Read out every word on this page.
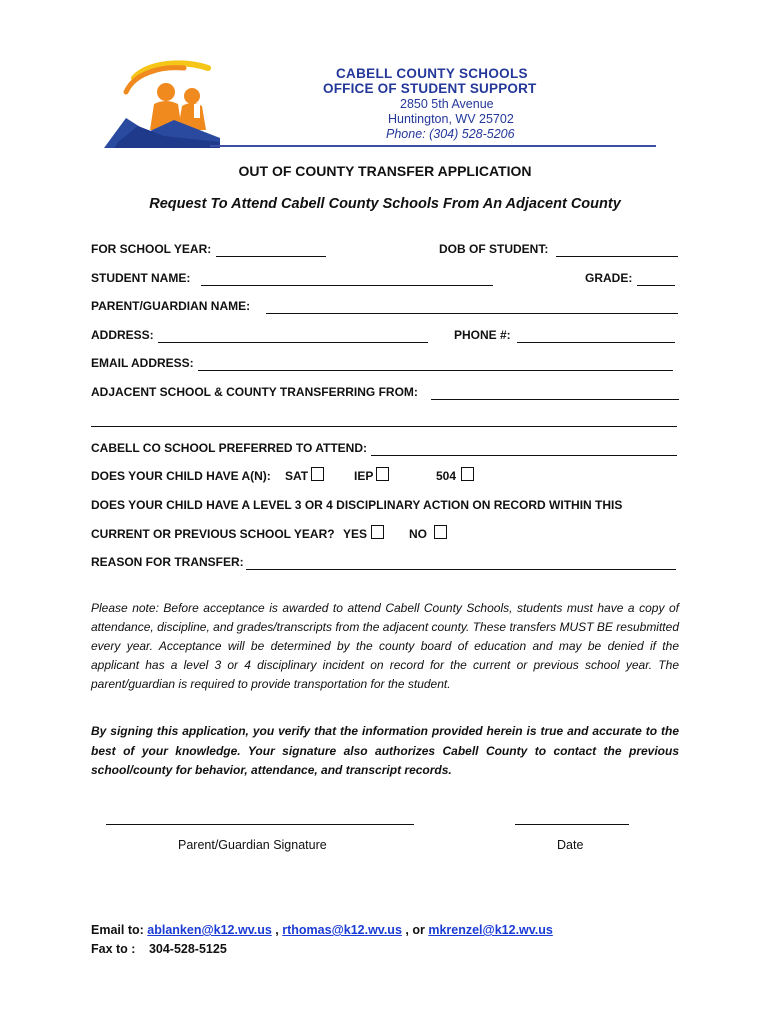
CABELL COUNTY SCHOOLS
OFFICE OF STUDENT SUPPORT
2850 5th Avenue
Huntington, WV 25702
Phone: (304) 528-5206
OUT OF COUNTY TRANSFER APPLICATION
Request To Attend Cabell County Schools From An Adjacent County
FOR SCHOOL YEAR:	DOB OF STUDENT:
STUDENT NAME:	GRADE:
PARENT/GUARDIAN NAME:
ADDRESS:	PHONE #:
EMAIL ADDRESS:
ADJACENT SCHOOL & COUNTY TRANSFERRING FROM:
CABELL CO SCHOOL PREFERRED TO ATTEND:
DOES YOUR CHILD HAVE A(N): SAT	IEP	504
DOES YOUR CHILD HAVE A LEVEL 3 OR 4 DISCIPLINARY ACTION ON RECORD WITHIN THIS
CURRENT OR PREVIOUS SCHOOL YEAR? YES	NO
REASON FOR TRANSFER:
Please note: Before acceptance is awarded to attend Cabell County Schools, students must have a copy of attendance, discipline, and grades/transcripts from the adjacent county. These transfers MUST BE resubmitted every year. Acceptance will be determined by the county board of education and may be denied if the applicant has a level 3 or 4 disciplinary incident on record for the current or previous school year. The parent/guardian is required to provide transportation for the student.
By signing this application, you verify that the information provided herein is true and accurate to the best of your knowledge. Your signature also authorizes Cabell County to contact the previous school/county for behavior, attendance, and transcript records.
Parent/Guardian Signature	Date
Email to: ablanken@k12.wv.us , rthomas@k12.wv.us , or mkrenzel@k12.wv.us
Fax to : 304-528-5125
